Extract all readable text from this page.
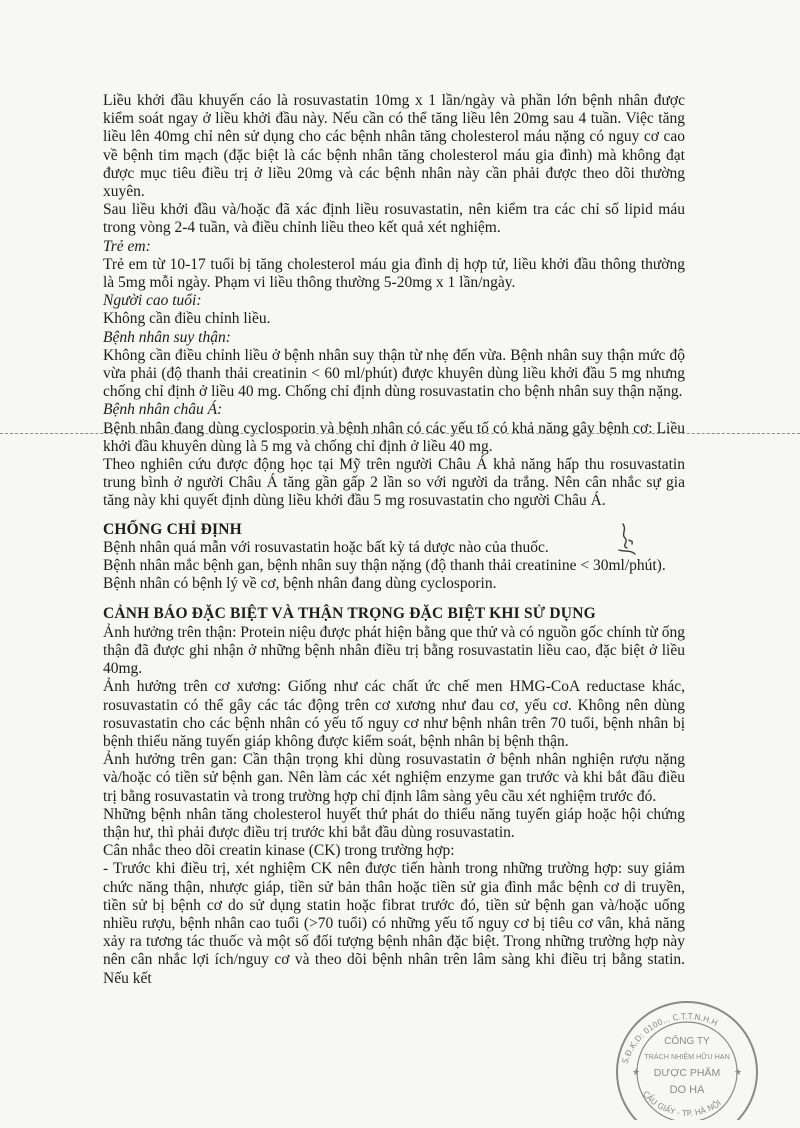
Liều khởi đầu khuyến cáo là rosuvastatin 10mg x 1 lần/ngày và phần lớn bệnh nhân được kiểm soát ngay ở liều khởi đầu này. Nếu cần có thể tăng liều lên 20mg sau 4 tuần. Việc tăng liều lên 40mg chỉ nên sử dụng cho các bệnh nhân tăng cholesterol máu nặng có nguy cơ cao về bệnh tim mạch (đặc biệt là các bệnh nhân tăng cholesterol máu gia đình) mà không đạt được mục tiêu điều trị ở liều 20mg và các bệnh nhân này cần phải được theo dõi thường xuyên.

Sau liều khởi đầu và/hoặc đã xác định liều rosuvastatin, nên kiểm tra các chỉ số lipid máu trong vòng 2-4 tuần, và điều chỉnh liều theo kết quả xét nghiệm.

Trẻ em:

Trẻ em từ 10-17 tuổi bị tăng cholesterol máu gia đình dị hợp tử, liều khởi đầu thông thường là 5mg mỗi ngày. Phạm vi liều thông thường 5-20mg x 1 lần/ngày.

Người cao tuổi:

Không cần điều chỉnh liều.

Bệnh nhân suy thận:

Không cần điều chỉnh liều ở bệnh nhân suy thận từ nhẹ đến vừa. Bệnh nhân suy thận mức độ vừa phải (độ thanh thải creatinin < 60 ml/phút) được khuyên dùng liều khởi đầu 5 mg nhưng chống chỉ định ở liều 40 mg. Chống chỉ định dùng rosuvastatin cho bệnh nhân suy thận nặng.

Bệnh nhân châu Á:

Bệnh nhân đang dùng cyclosporin và bệnh nhân có các yếu tố có khả năng gây bệnh cơ: Liều khởi đầu khuyên dùng là 5 mg và chống chỉ định ở liều 40 mg.

Theo nghiên cứu được động học tại Mỹ trên người Châu Á khả năng hấp thu rosuvastatin trung bình ở người Châu Á tăng gần gấp 2 lần so với người da trắng. Nên cân nhắc sự gia tăng này khi quyết định dùng liều khởi đầu 5 mg rosuvastatin cho người Châu Á.

CHỐNG CHỈ ĐỊNH

Bệnh nhân quá mẫn với rosuvastatin hoặc bất kỳ tá dược nào của thuốc.

Bệnh nhân mắc bệnh gan, bệnh nhân suy thận nặng (độ thanh thải creatinine < 30ml/phút).

Bệnh nhân có bệnh lý về cơ, bệnh nhân đang dùng cyclosporin.

CẢNH BÁO ĐẶC BIỆT VÀ THẬN TRỌNG ĐẶC BIỆT KHI SỬ DỤNG

Ảnh hưởng trên thận: Protein niệu được phát hiện bằng que thử và có nguồn gốc chính từ ống thận đã được ghi nhận ở những bệnh nhân điều trị bằng rosuvastatin liều cao, đặc biệt ở liều 40mg.

Ảnh hưởng trên cơ xương: Giống như các chất ức chế men HMG-CoA reductase khác, rosuvastatin có thể gây các tác động trên cơ xương như đau cơ, yếu cơ. Không nên dùng rosuvastatin cho các bệnh nhân có yếu tố nguy cơ như bệnh nhân trên 70 tuổi, bệnh nhân bị bệnh thiểu năng tuyến giáp không được kiểm soát, bệnh nhân bị bệnh thận.

Ảnh hưởng trên gan: Cần thận trọng khi dùng rosuvastatin ở bệnh nhân nghiện rượu nặng và/hoặc có tiền sử bệnh gan. Nên làm các xét nghiệm enzyme gan trước và khi bắt đầu điều trị bằng rosuvastatin và trong trường hợp chỉ định lâm sàng yêu cầu xét nghiệm trước đó.

Những bệnh nhân tăng cholesterol huyết thứ phát do thiểu năng tuyến giáp hoặc hội chứng thận hư, thì phải được điều trị trước khi bắt đầu dùng rosuvastatin.

Cân nhắc theo dõi creatin kinase (CK) trong trường hợp:

- Trước khi điều trị, xét nghiệm CK nên được tiến hành trong những trường hợp: suy giảm chức năng thận, nhược giáp, tiền sử bản thân hoặc tiền sử gia đình mắc bệnh cơ di truyền, tiền sử bị bệnh cơ do sử dụng statin hoặc fibrat trước đó, tiền sử bệnh gan và/hoặc uống nhiều rượu, bệnh nhân cao tuổi (>70 tuổi) có những yếu tố nguy cơ bị tiêu cơ vân, khả năng xảy ra tương tác thuốc và một số đối tượng bệnh nhân đặc biệt. Trong những trường hợp này nên cân nhắc lợi ích/nguy cơ và theo dõi bệnh nhân trên lâm sàng khi điều trị bằng statin. Nếu kết

S.Đ.K.D: 0100... C.T.T.N.H.H
CẦU GIẤY - TP. HÀ NỘI
CÔNG TY
TRÁCH NHIỆM HỮU HẠN
DƯỢC PHẨM
DO HA
★	★
